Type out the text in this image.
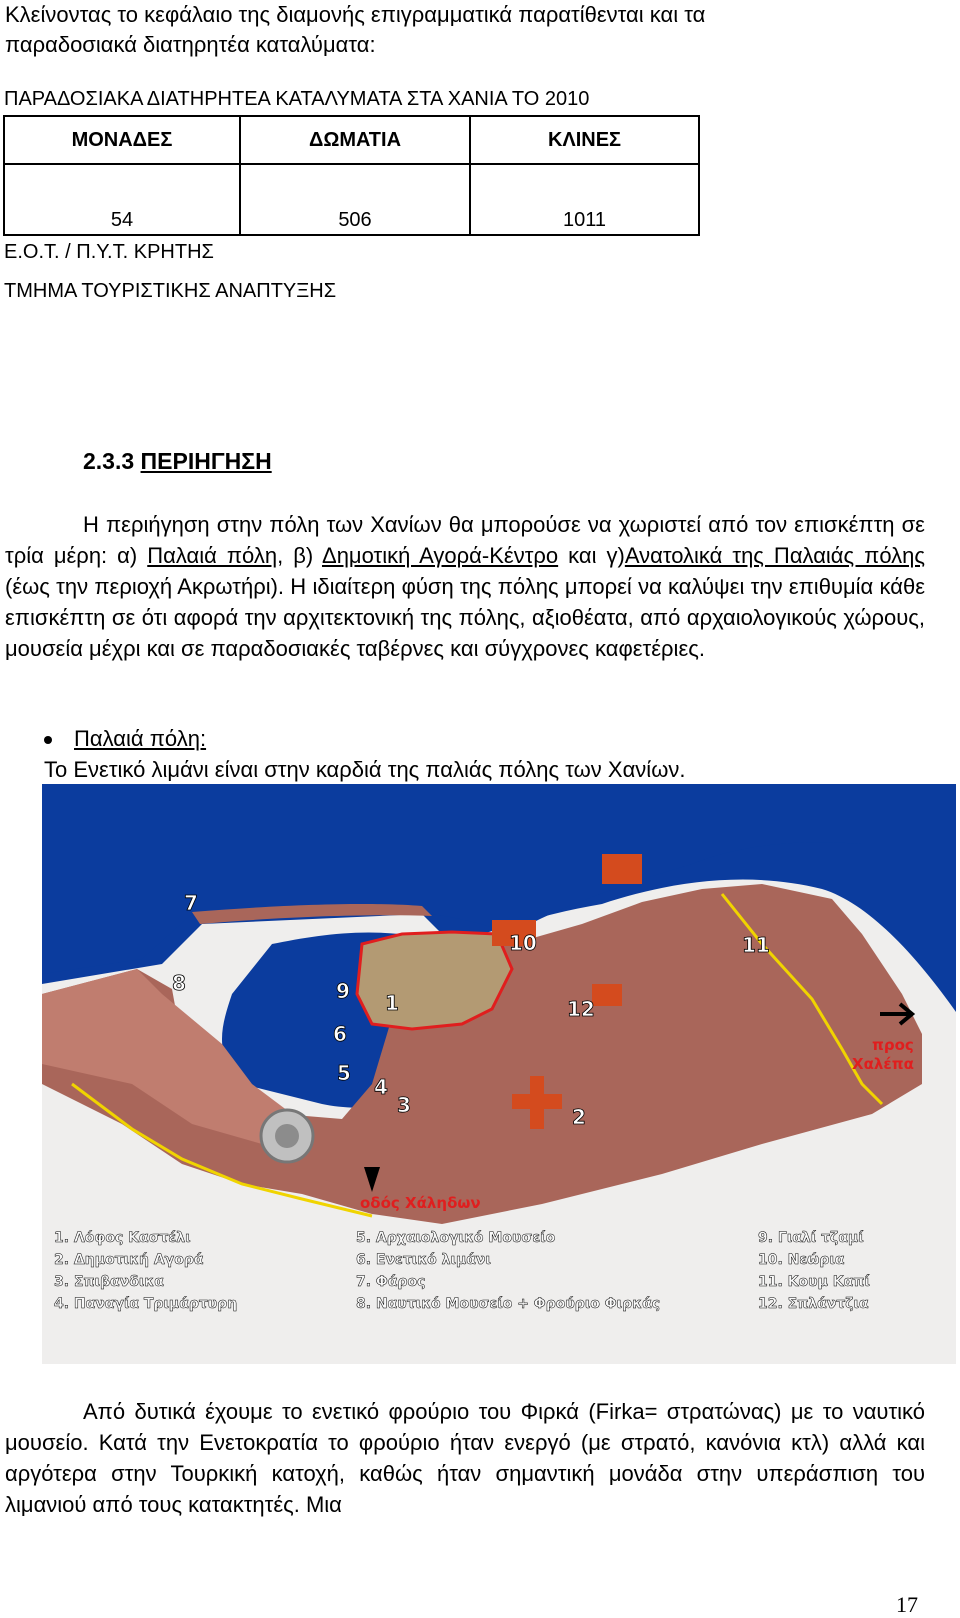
Κλείνοντας το κεφάλαιο της διαμονής επιγραμματικά παρατίθενται και τα
παραδοσιακά διατηρητέα καταλύματα:
ΠΑΡΑΔΟΣΙΑΚΑ ΔΙΑΤΗΡΗΤΕΑ ΚΑΤΑΛΥΜΑΤΑ ΣΤΑ ΧΑΝΙΑ ΤΟ 2010
ΜΟΝΑΔΕΣ	ΔΩΜΑΤΙΑ	ΚΛΙΝΕΣ
54	506	1011
Ε.Ο.Τ. / Π.Υ.Τ. ΚΡΗΤΗΣ
ΤΜΗΜΑ ΤΟΥΡΙΣΤΙΚΗΣ ΑΝΑΠΤΥΞΗΣ
2.3.3 ΠΕΡΙΗΓΗΣΗ
Η περιήγηση στην πόλη των Χανίων θα μπορούσε να χωριστεί από τον επισκέπτη σε τρία μέρη: α) Παλαιά πόλη, β) Δημοτική Αγορά-Κέντρο και γ)Ανατολικά της Παλαιάς πόλης (έως την περιοχή Ακρωτήρι). Η ιδιαίτερη φύση της πόλης μπορεί να καλύψει την επιθυμία κάθε επισκέπτη σε ότι αφορά την αρχιτεκτονική της πόλης, αξιοθέατα, από αρχαιολογικούς χώρους, μουσεία μέχρι και σε παραδοσιακές ταβέρνες και σύγχρονες καφετέριες.
Παλαιά πόλη:
Το Ενετικό λιμάνι είναι στην καρδιά της παλιάς πόλης των Χανίων.
1
2
3
4
5
6
7
8	9
10	11
12
προς
Χαλέπα
οδός Χάληδων
1. Λόφος Καστέλι
2. Δημοτική Αγορά
3. Σπιβανδικα
4. Παναγία Τριμάρτυρη
5. Αρχαιολογικό Μουσείο
6. Ενετικό λιμάνι
7. Φάρος
8. Ναυτικό Μουσείο + Φρούριο Φιρκάς
9. Γιαλί τζαμί
10. Νεώρια
11. Κουμ Καπί
12. Σπλάντζια
Από δυτικά έχουμε το ενετικό φρούριο του Φιρκά (Firka= στρατώνας) με το ναυτικό μουσείο. Κατά την Ενετοκρατία το φρούριο ήταν ενεργό (με στρατό, κανόνια κτλ) αλλά και αργότερα στην Τουρκική κατοχή, καθώς ήταν σημαντική μονάδα στην υπεράσπιση του λιμανιού από τους κατακτητές. Μια
17
